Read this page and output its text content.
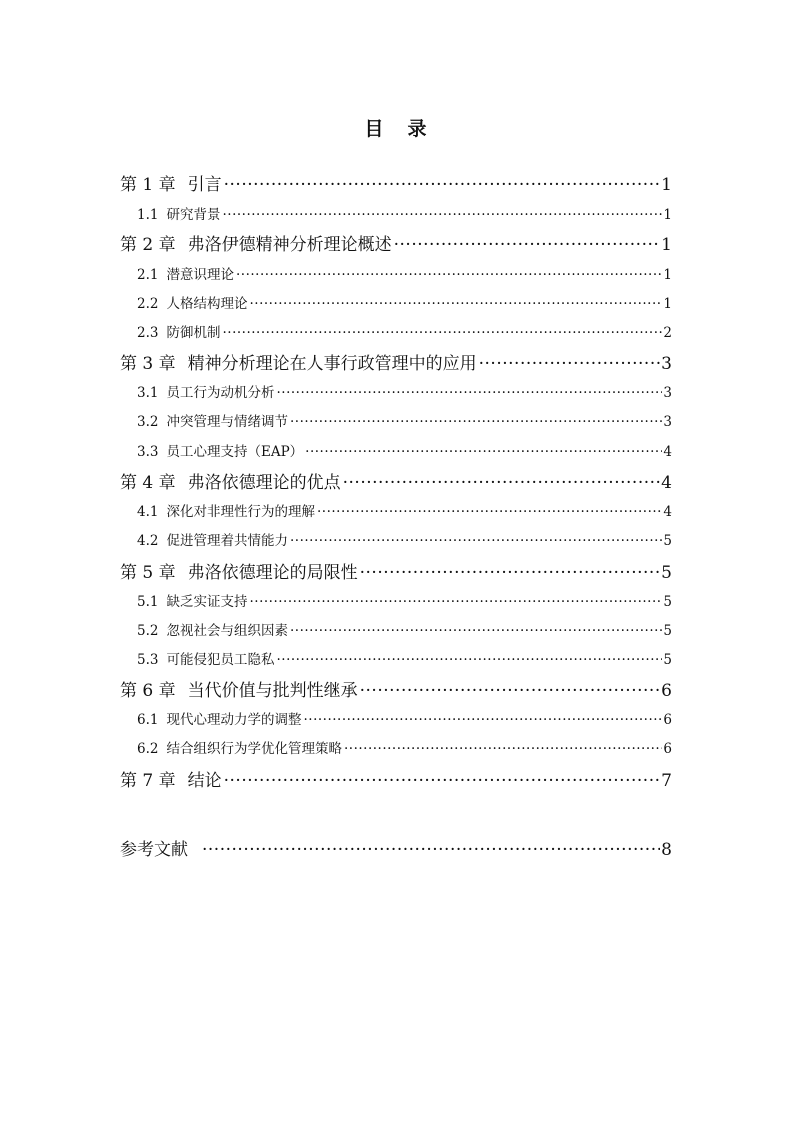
目 录
第 1 章 引言 ·····	1
1.1 研究背景 ·····	1
第 2 章 弗洛伊德精神分析理论概述 ·····	1
2.1 潜意识理论 ·····	1
2.2 人格结构理论 ·····	1
2.3 防御机制 ·····	2
第 3 章 精神分析理论在人事行政管理中的应用 ·····	3
3.1 员工行为动机分析 ·····	3
3.2 冲突管理与情绪调节 ·····	3
3.3 员工心理支持（EAP） ·····	4
第 4 章 弗洛依德理论的优点 ·····	4
4.1 深化对非理性行为的理解 ·····	4
4.2 促进管理着共情能力 ·····	5
第 5 章 弗洛依德理论的局限性 ·····	5
5.1 缺乏实证支持 ·····	5
5.2 忽视社会与组织因素 ·····	5
5.3 可能侵犯员工隐私 ·····	5
第 6 章 当代价值与批判性继承 ·····	6
6.1 现代心理动力学的调整 ·····	6
6.2 结合组织行为学优化管理策略 ·····	6
第 7 章 结论 ·····	7
参考文献 ·····	8
